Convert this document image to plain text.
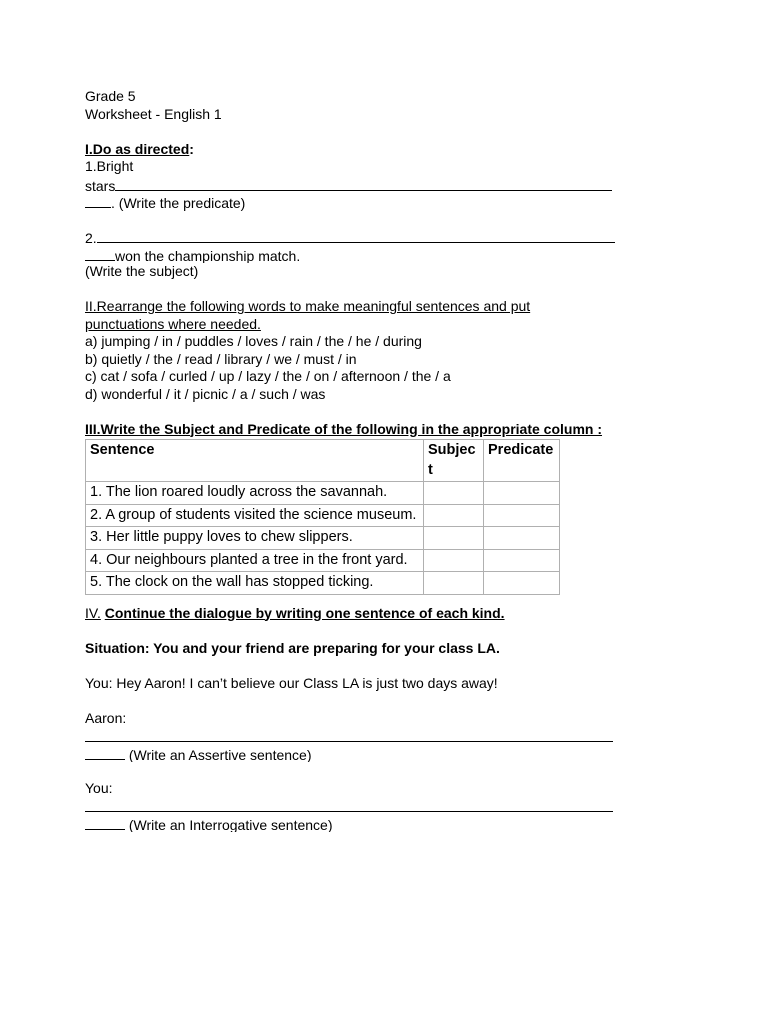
Grade 5
Worksheet - English 1
I.Do as directed:
1.Bright
stars
. (Write the predicate)
2.
won the championship match.
(Write the subject)
II.Rearrange the following words to make meaningful sentences and put
punctuations where needed.
a) jumping / in / puddles / loves / rain / the / he / during
b) quietly / the / read / library / we / must / in
c) cat / sofa / curled / up / lazy / the / on / afternoon / the / a
d) wonderful / it / picnic / a / such / was
III.Write the Subject and Predicate of the following in the appropriate column :
Sentence	Subject	Predicate
1. The lion roared loudly across the savannah.		
2. A group of students visited the science museum.		
3. Her little puppy loves to chew slippers.		
4. Our neighbours planted a tree in the front yard.		
5. The clock on the wall has stopped ticking.		
IV. Continue the dialogue by writing one sentence of each kind.
Situation: You and your friend are preparing for your class LA.
You: Hey Aaron! I can’t believe our Class LA is just two days away!
Aaron:
(Write an Assertive sentence)
You:
(Write an Interrogative sentence)
